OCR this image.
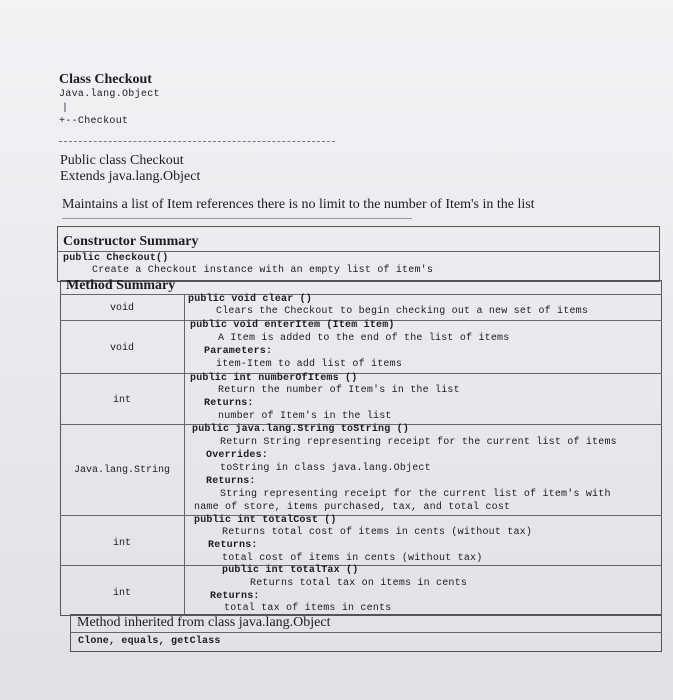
Class Checkout
Java.lang.Object
|
+--Checkout
Public class Checkout
Extends java.lang.Object
Maintains a list of Item references there is no limit to the number of Item's in the list
Constructor Summary
public Checkout()
Create a Checkout instance with an empty list of item's
Method Summary
void
public void clear ()
Clears the Checkout to begin checking out a new set of items
void
public void enterItem (Item item)
A Item is added to the end of the list of items
Parameters:
item-Item to add list of items
int
public int numberOfItems ()
Return the number of Item's in the list
Returns:
number of Item's in the list
Java.lang.String
public java.lang.String toString ()
Return String representing receipt for the current list of items
Overrides:
toString in class java.lang.Object
Returns:
String representing receipt for the current list of item's with
name of store, items purchased, tax, and total cost
int
public int totalCost ()
Returns total cost of items in cents (without tax)
Returns:
total cost of items in cents (without tax)
int
public int totalTax ()
Returns total tax on items in cents
Returns:
total tax of items in cents
Method inherited from class java.lang.Object
Clone, equals, getClass
